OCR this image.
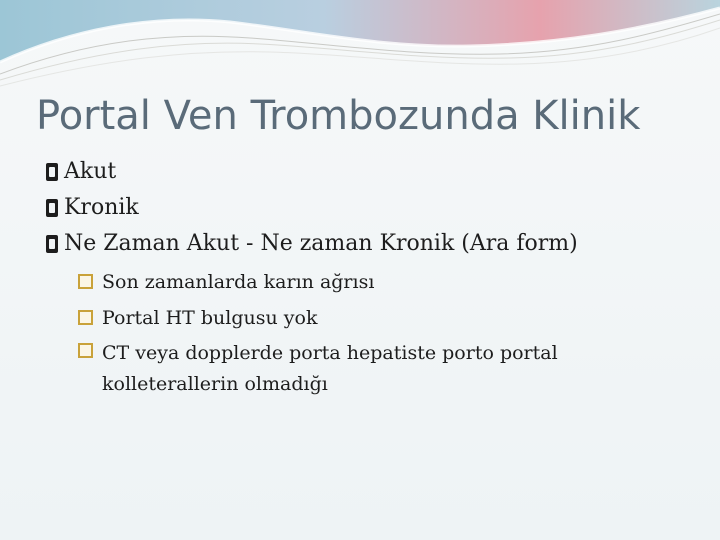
Portal Ven Trombozunda Klinik
Akut
Kronik
Ne Zaman Akut - Ne zaman Kronik (Ara form)
Son zamanlarda karın ağrısı
Portal HT bulgusu yok
CT veya dopplerde porta hepatiste porto portal kolleterallerin olmadığı
